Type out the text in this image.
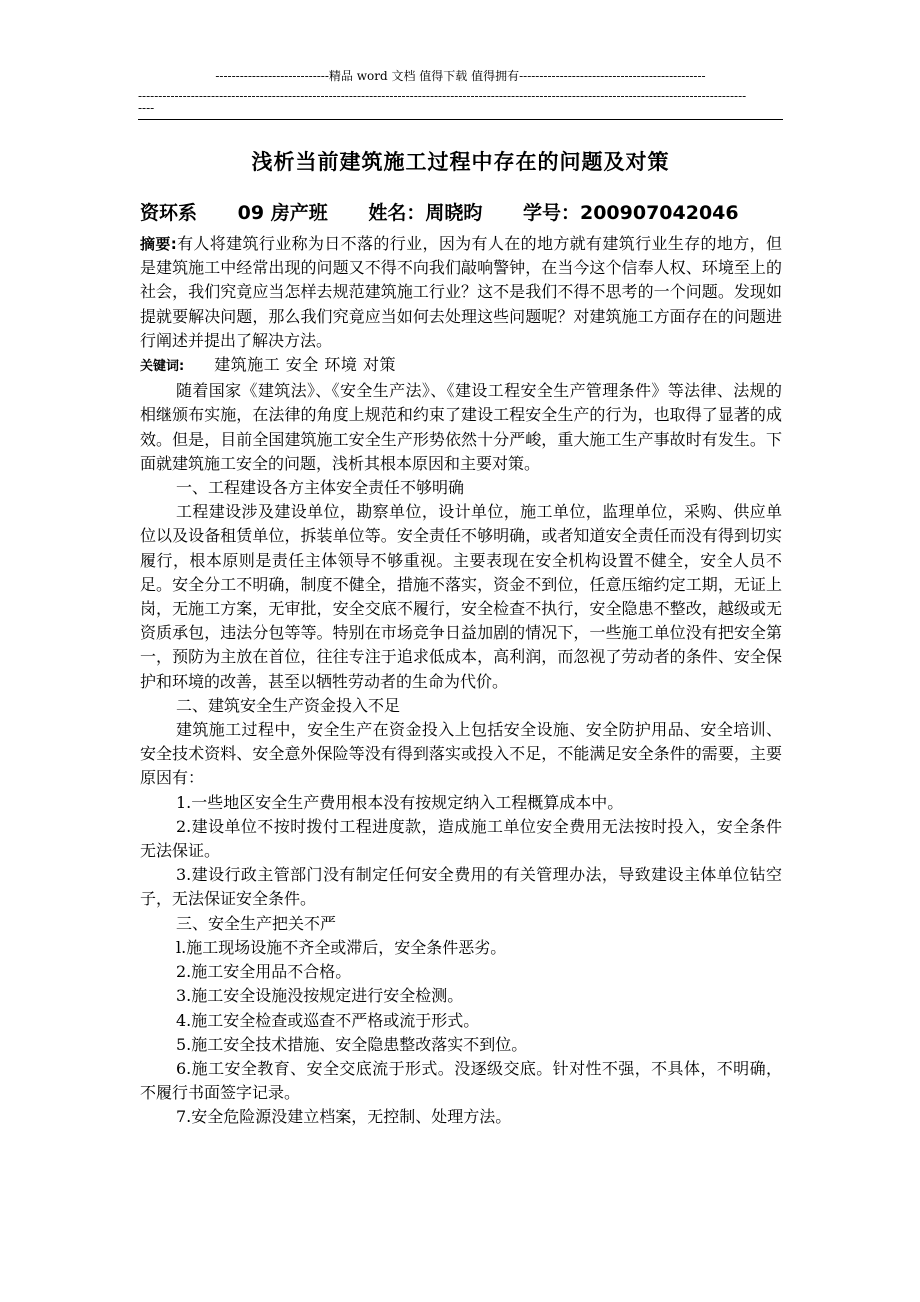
----------------------------精品 word 文档 值得下载 值得拥有----------------------------------------------
------------------------------------------------------------------------------------------------------------------------------------------------------
----
浅析当前建筑施工过程中存在的问题及对策
资环系 09 房产班 姓名：周晓昀 学号：200907042046

摘要:有人将建筑行业称为日不落的行业，因为有人在的地方就有建筑行业生存的地方，但是建筑施工中经常出现的问题又不得不向我们敲响警钟，在当今这个信奉人权、环境至上的社会，我们究竟应当怎样去规范建筑施工行业？这不是我们不得不思考的一个问题。发现如提就要解决问题，那么我们究竟应当如何去处理这些问题呢？对建筑施工方面存在的问题进行阐述并提出了解决方法。

关键词: 建筑施工 安全 环境 对策

随着国家《建筑法》、《安全生产法》、《建设工程安全生产管理条件》等法律、法规的相继颁布实施，在法律的角度上规范和约束了建设工程安全生产的行为，也取得了显著的成效。但是，目前全国建筑施工安全生产形势依然十分严峻，重大施工生产事故时有发生。下面就建筑施工安全的问题，浅析其根本原因和主要对策。

一、工程建设各方主体安全责任不够明确

工程建设涉及建设单位，勘察单位，设计单位，施工单位，监理单位，采购、供应单位以及设备租赁单位，拆装单位等。安全责任不够明确，或者知道安全责任而没有得到切实履行，根本原则是责任主体领导不够重视。主要表现在安全机构设置不健全，安全人员不足。安全分工不明确，制度不健全，措施不落实，资金不到位，任意压缩约定工期，无证上岗，无施工方案，无审批，安全交底不履行，安全检查不执行，安全隐患不整改，越级或无资质承包，违法分包等等。特别在市场竞争日益加剧的情况下，一些施工单位没有把安全第一，预防为主放在首位，往往专注于追求低成本，高利润，而忽视了劳动者的条件、安全保护和环境的改善，甚至以牺牲劳动者的生命为代价。

二、建筑安全生产资金投入不足

建筑施工过程中，安全生产在资金投入上包括安全设施、安全防护用品、安全培训、安全技术资料、安全意外保险等没有得到落实或投入不足，不能满足安全条件的需要，主要原因有：

1.一些地区安全生产费用根本没有按规定纳入工程概算成本中。

2.建设单位不按时拨付工程进度款，造成施工单位安全费用无法按时投入，安全条件无法保证。

3.建设行政主管部门没有制定任何安全费用的有关管理办法，导致建设主体单位钻空子，无法保证安全条件。

三、安全生产把关不严

l.施工现场设施不齐全或滞后，安全条件恶劣。

2.施工安全用品不合格。

3.施工安全设施没按规定进行安全检测。

4.施工安全检查或巡查不严格或流于形式。

5.施工安全技术措施、安全隐患整改落实不到位。

6.施工安全教育、安全交底流于形式。没逐级交底。针对性不强，不具体，不明确，不履行书面签字记录。

7.安全危险源没建立档案，无控制、处理方法。
